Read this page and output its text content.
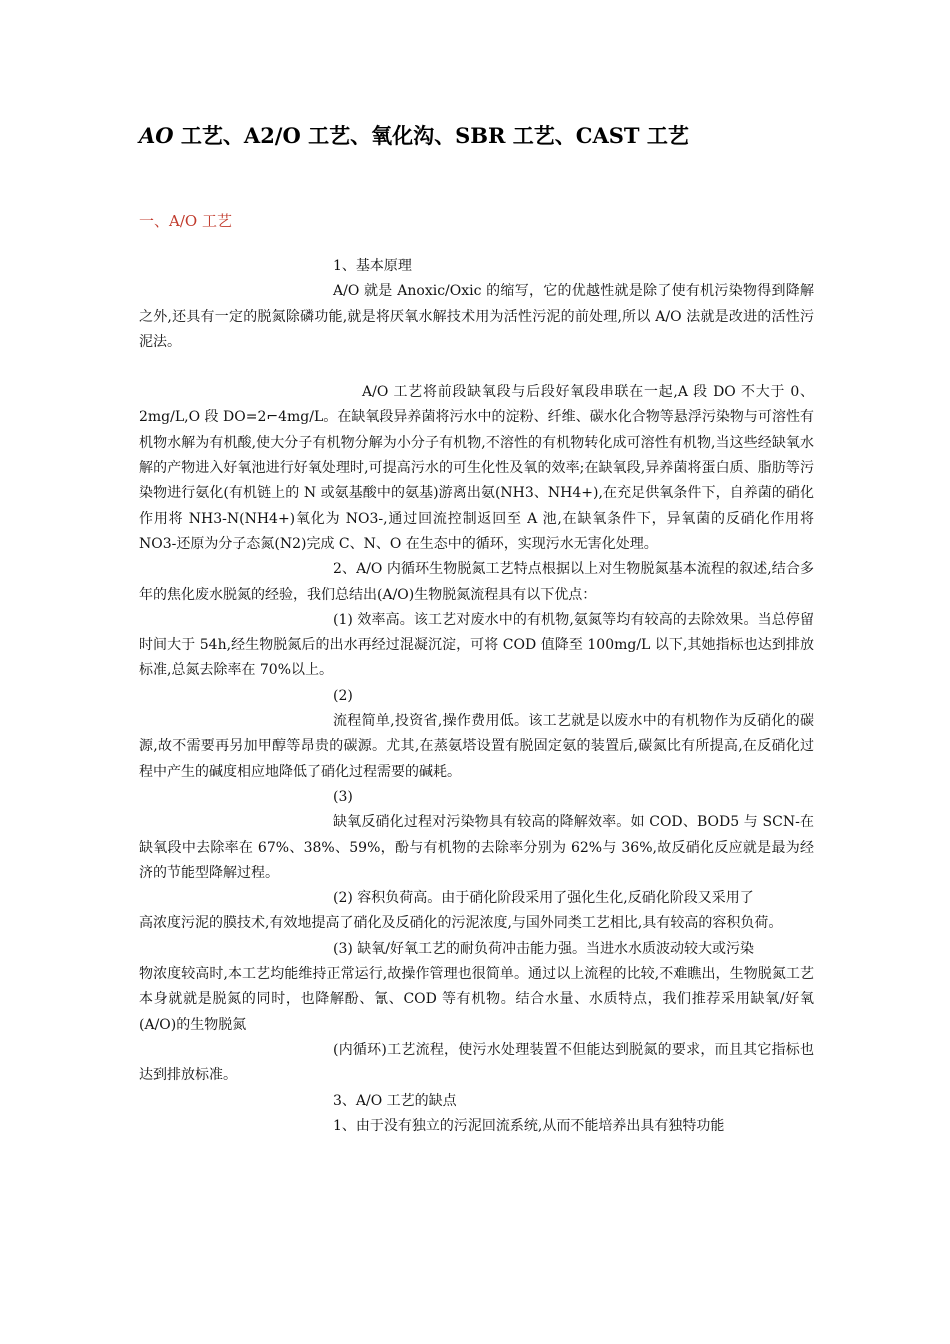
AO 工艺、A2/O 工艺、氧化沟、SBR 工艺、CAST 工艺
一、A/O 工艺

1、基本原理

A/O 就是 Anoxic/Oxic 的缩写，它的优越性就是除了使有机污染物得到降解之外,还具有一定的脱氮除磷功能,就是将厌氧水解技术用为活性污泥的前处理,所以 A/O 法就是改进的活性污泥法。

A/O 工艺将前段缺氧段与后段好氧段串联在一起,A 段 DO 不大于 0、2mg/L,O 段 DO=2⌐4mg/L。在缺氧段异养菌将污水中的淀粉、纤维、碳水化合物等悬浮污染物与可溶性有机物水解为有机酸,使大分子有机物分解为小分子有机物,不溶性的有机物转化成可溶性有机物,当这些经缺氧水解的产物进入好氧池进行好氧处理时,可提高污水的可生化性及氧的效率;在缺氧段,异养菌将蛋白质、脂肪等污染物进行氨化(有机链上的 N 或氨基酸中的氨基)游离出氨(NH3、NH4+),在充足供氧条件下，自养菌的硝化作用将 NH3-N(NH4+)氧化为 NO3-,通过回流控制返回至 A 池,在缺氧条件下，异氧菌的反硝化作用将 NO3-还原为分子态氮(N2)完成 C、N、O 在生态中的循环，实现污水无害化处理。

2、A/O 内循环生物脱氮工艺特点根据以上对生物脱氮基本流程的叙述,结合多年的焦化废水脱氮的经验，我们总结出(A/O)生物脱氮流程具有以下优点：

(1) 效率高。该工艺对废水中的有机物,氨氮等均有较高的去除效果。当总停留时间大于 54h,经生物脱氮后的出水再经过混凝沉淀，可将 COD 值降至 100mg/L 以下,其她指标也达到排放标准,总氮去除率在 70%以上。

(2)

流程简单,投资省,操作费用低。该工艺就是以废水中的有机物作为反硝化的碳源,故不需要再另加甲醇等昂贵的碳源。尤其,在蒸氨塔设置有脱固定氨的装置后,碳氮比有所提高,在反硝化过程中产生的碱度相应地降低了硝化过程需要的碱耗。

(3)

缺氧反硝化过程对污染物具有较高的降解效率。如 COD、BOD5 与 SCN-在缺氧段中去除率在 67%、38%、59%，酚与有机物的去除率分别为 62%与 36%,故反硝化反应就是最为经济的节能型降解过程。

(2) 容积负荷高。由于硝化阶段采用了强化生化,反硝化阶段又采用了

高浓度污泥的膜技术,有效地提高了硝化及反硝化的污泥浓度,与国外同类工艺相比,具有较高的容积负荷。

(3) 缺氧/好氧工艺的耐负荷冲击能力强。当进水水质波动较大或污染

物浓度较高时,本工艺均能维持正常运行,故操作管理也很简单。通过以上流程的比较,不难瞧出，生物脱氮工艺本身就就是脱氮的同时，也降解酚、氰、COD 等有机物。结合水量、水质特点，我们推荐采用缺氧/好氧(A/O)的生物脱氮

(内循环)工艺流程，使污水处理装置不但能达到脱氮的要求，而且其它指标也达到排放标准。

3、A/O 工艺的缺点

1、由于没有独立的污泥回流系统,从而不能培养出具有独特功能
